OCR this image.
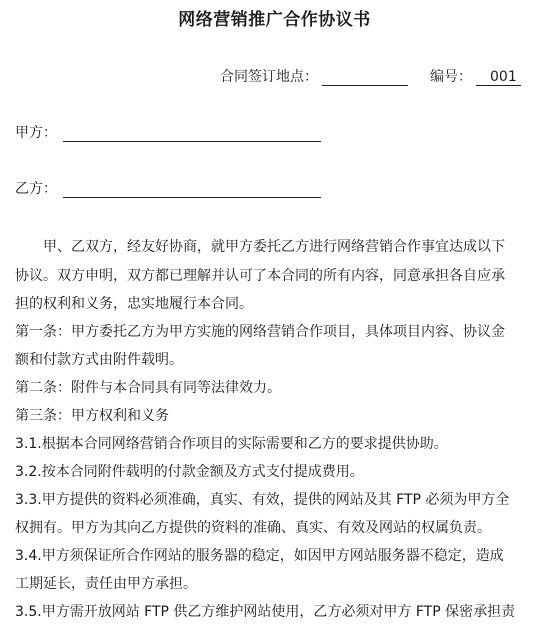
网络营销推广合作协议书
合同签订地点：	编号：	001
甲方：
乙方：

　　甲、乙双方，经友好协商，就甲方委托乙方进行网络营销合作事宜达成以下

协议。双方申明，双方都已理解并认可了本合同的所有内容，同意承担各自应承

担的权利和义务，忠实地履行本合同。

第一条：甲方委托乙方为甲方实施的网络营销合作项目，具体项目内容、协议金

额和付款方式由附件载明。

第二条：附件与本合同具有同等法律效力。

第三条：甲方权利和义务

3.1.根据本合同网络营销合作项目的实际需要和乙方的要求提供协助。

3.2.按本合同附件载明的付款金额及方式支付提成费用。

3.3.甲方提供的资料必须准确，真实、有效，提供的网站及其 FTP 必须为甲方全

权拥有。甲方为其向乙方提供的资料的准确、真实、有效及网站的权属负责。

3.4.甲方须保证所合作网站的服务器的稳定，如因甲方网站服务器不稳定，造成

工期延长，责任由甲方承担。

3.5.甲方需开放网站 FTP 供乙方维护网站使用，乙方必须对甲方 FTP 保密承担责
